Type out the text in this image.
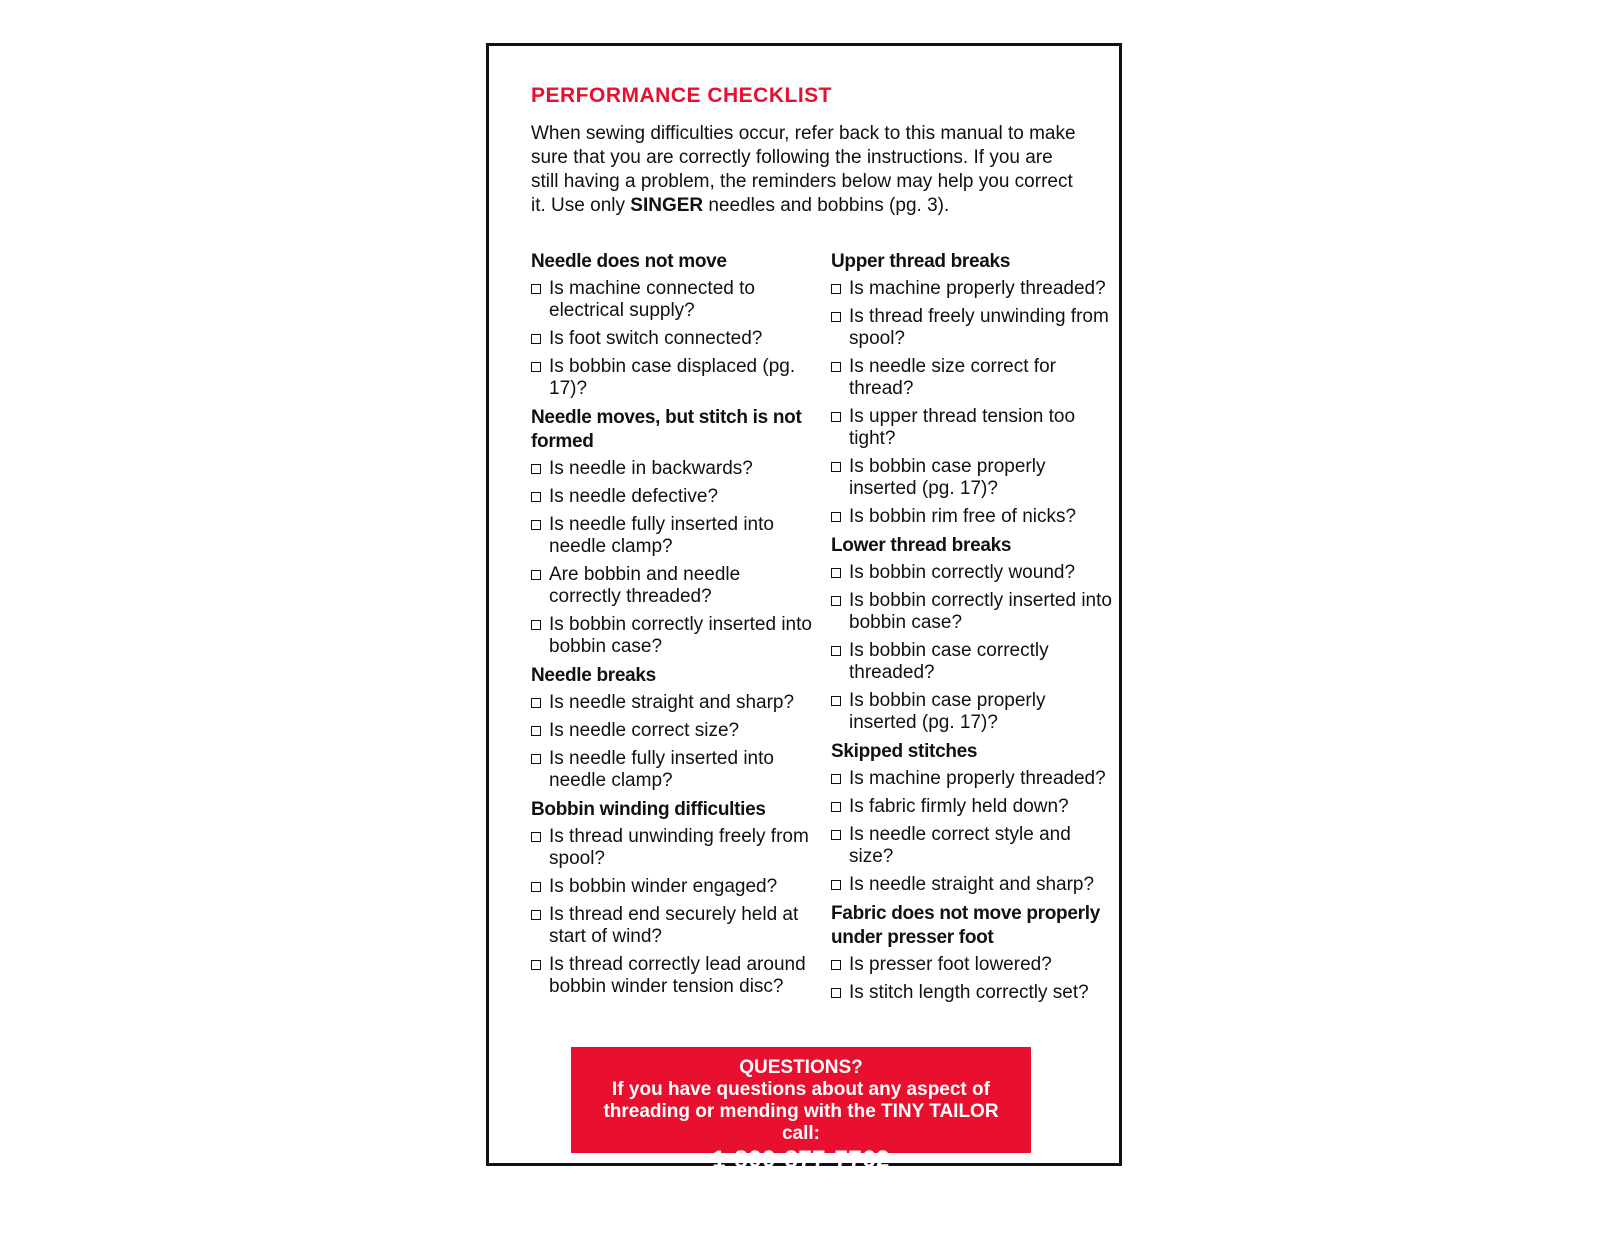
PERFORMANCE CHECKLIST

When sewing difficulties occur, refer back to this manual to make sure that you are correctly following the instructions. If you are still having a problem, the reminders below may help you correct it. Use only SINGER needles and bobbins (pg. 3).

Needle does not move
Is machine connected to electrical supply?
Is foot switch connected?
Is bobbin case displaced (pg. 17)?
Needle moves, but stitch is not formed
Is needle in backwards?
Is needle defective?
Is needle fully inserted into needle clamp?
Are bobbin and needle correctly threaded?
Is bobbin correctly inserted into bobbin case?
Needle breaks
Is needle straight and sharp?
Is needle correct size?
Is needle fully inserted into needle clamp?
Bobbin winding difficulties
Is thread unwinding freely from spool?
Is bobbin winder engaged?
Is thread end securely held at start of wind?
Is thread correctly lead around bobbin winder tension disc?
Upper thread breaks
Is machine properly threaded?
Is thread freely unwinding from spool?
Is needle size correct for thread?
Is upper thread tension too tight?
Is bobbin case properly inserted (pg. 17)?
Is bobbin rim free of nicks?
Lower thread breaks
Is bobbin correctly wound?
Is bobbin correctly inserted into bobbin case?
Is bobbin case correctly threaded?
Is bobbin case properly inserted (pg. 17)?
Skipped stitches
Is machine properly threaded?
Is fabric firmly held down?
Is needle correct style and size?
Is needle straight and sharp?
Fabric does not move properly under presser foot
Is presser foot lowered?
Is stitch length correctly set?
QUESTIONS?
If you have questions about any aspect of threading or mending with the TINY TAILOR call:
1-800-877-7762
